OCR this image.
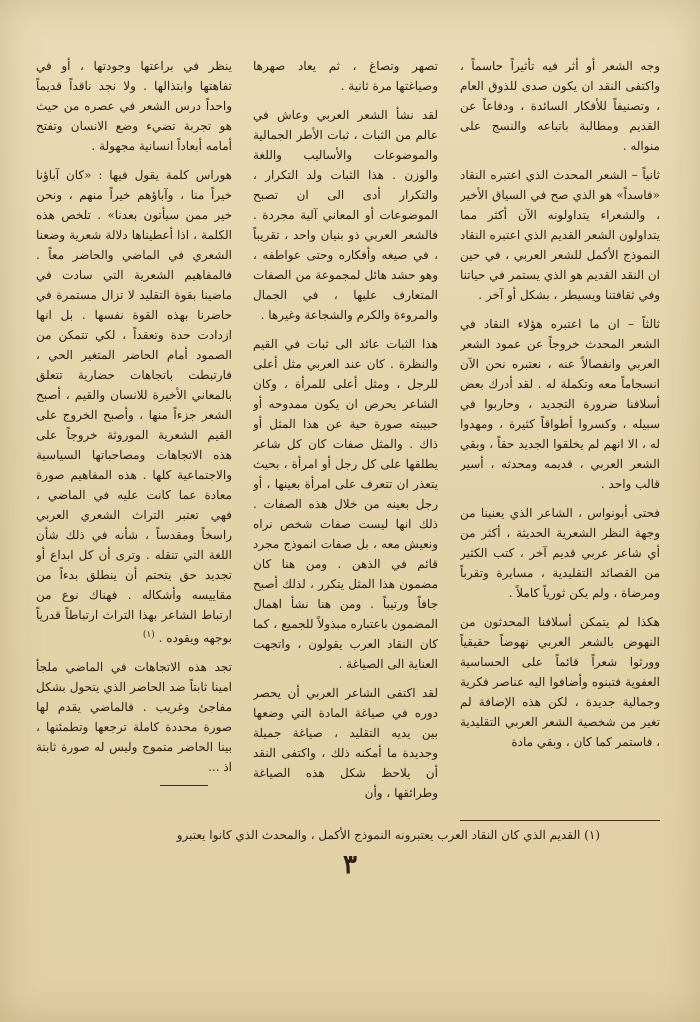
وجه الشعر أو أثر فيه تأثيراً حاسماً ، واكتفى النقد ان يكون صدى للذوق العام ، وتصنيفاً للأفكار السائدة ، ودفاعاً عن القديم ومطالبة باتباعه والنسج على منواله .

ثانياً – الشعر المحدث الذي اعتبره النقاد «فاسداً» هو الذي صح في السياق الأخير ، والشعراء يتداولونه الآن أكثر مما يتداولون الشعر القديم الذي اعتبره النقاد النموذج الأكمل للشعر العربي ، في حين ان النقد القديم هو الذي يستمر في حياتنا وفي ثقافتنا ويسيطر ، بشكل أو آخر .

ثالثاً – ان ما اعتبره هؤلاء النقاد في الشعر المحدث خروجاً عن عمود الشعر العربي وانفصالاً عنه ، نعتبره نحن الآن انسجاماً معه وتكملة له . لقد أدرك بعض أسلافنا ضرورة التجديد ، وحاربوا في سبيله ، وكسروا أطواقاً كثيرة ، ومهدوا له ، الا انهم لم يخلقوا الجديد حقاً ، وبقي الشعر العربي ، قديمه ومحدثه ، أسير قالب واحد .

فحتى أبونواس ، الشاعر الذي يعنينا من وجهة النظر الشعرية الحديثة ، أكثر من أي شاعر عربي قديم آخر ، كتب الكثير من القصائد التقليدية ، مسايرة وتقرباً ومرضاة ، ولم يكن ثورياً كاملاً .

هكذا لم يتمكن أسلافنا المحدثون من النهوض بالشعر العربي نهوضاً حقيقياً وورثوا شعراً قائماً على الحساسية العفوية فتبنوه وأضافوا اليه عناصر فكرية وجمالية جديدة ، لكن هذه الإضافة لم تغير من شخصية الشعر العربي التقليدية ، فاستمر كما كان ، وبقي مادة

تصهر وتصاغ ، ثم يعاد صهرها وصياغتها مرة ثانية .

لقد نشأ الشعر العربي وعاش في عالم من الثبات ، ثبات الأطر الجمالية والموضوعات والأساليب واللغة والوزن . هذا الثبات ولد التكرار ، والتكرار أدى الى ان تصبح الموضوعات أو المعاني آلية مجردة . فالشعر العربي ذو بنيان واحد ، تقريباً ، في صيغه وأفكاره وحتى عواطفه ، وهو حشد هائل لمجموعة من الصفات المتعارف عليها ، في الجمال والمروءة والكرم والشجاعة وغيرها .

هذا الثبات عائد الى ثبات في القيم والنظرة . كان عند العربي مثل أعلى للرجل ، ومثل أعلى للمرأة ، وكان الشاعر يحرص ان يكون ممدوحه أو حبيبته صورة حية عن هذا المثل أو ذاك . والمثل صفات كان كل شاعر يطلقها على كل رجل أو امرأة ، بحيث يتعذر ان تتعرف على امرأة بعينها ، أو رجل بعينه من خلال هذه الصفات . ذلك انها ليست صفات شخص نراه ونعيش معه ، بل صفات انموذج مجرد قائم في الذهن . ومن هنا كان مضمون هذا المثل يتكرر ، لذلك أصبح جافاً ورتيباً . ومن هنا نشأ اهمال المضمون باعتباره مبذولاً للجميع ، كما كان النقاد العرب يقولون ، واتجهت العناية الى الصياغة .

لقد اكتفى الشاعر العربي أن يحصر دوره في صياغة المادة التي وضعها بين يديه التقليد ، صياغة جميلة وجديدة ما أمكنه ذلك ، واكتفى النقد أن يلاحظ شكل هذه الصياغة وطرائقها ، وأن

ينظر في براعتها وجودتها ، أو في تفاهتها وابتذالها . ولا نجد ناقداً قديماً واحداً درس الشعر في عصره من حيث هو تجربة تضيء وضع الانسان وتفتح أمامه أبعاداً انسانية مجهولة .

هوراس كلمة يقول فيها : «كان آباؤنا خيراً منا ، وآباؤهم خيراً منهم ، ونحن خير ممن سيأتون بعدنا» . تلخص هذه الكلمة ، اذا أعطيناها دلالة شعرية وضعنا الشعري في الماضي والحاضر معاً . فالمفاهيم الشعرية التي سادت في ماضينا بقوة التقليد لا تزال مستمرة في حاضرنا بهذه القوة نفسها . بل انها ازدادت حدة وتعقداً ، لكي تتمكن من الصمود أمام الحاضر المتغير الحي ، فارتبطت باتجاهات حضارية تتعلق بالمعاني الأخيرة للانسان والقيم ، أصبح الشعر جزءاً منها ، وأصبح الخروج على القيم الشعرية الموروثة خروجاً على هذه الاتجاهات ومصاحباتها السياسية والاجتماعية كلها . هذه المفاهيم صورة معادة عما كانت عليه في الماضي ، فهي تعتبر التراث الشعري العربي راسخاً ومقدساً ، شأنه في ذلك شأن اللغة التي تنقله . وترى أن كل ابداع أو تجديد حق يتحتم أن ينطلق بدءاً من مقاييسه وأشكاله . فهناك نوع من ارتباط الشاعر بهذا التراث ارتباطاً قدرياً بوجهه ويقوده . $^{(١)}$

تجد هذه الاتجاهات في الماضي ملجأ امينا ثابتاً ضد الحاضر الذي يتحول بشكل مفاجئ وغريب . فالماضي يقدم لها صورة محددة كاملة ترجعها وتطمئنها ، بينا الحاضر متموج وليس له صورة ثابتة اذ ...

(١) القديم الذي كان النقاد العرب يعتبرونه النموذج الأكمل ، والمحدث الذي كانوا يعتبرو
٣
